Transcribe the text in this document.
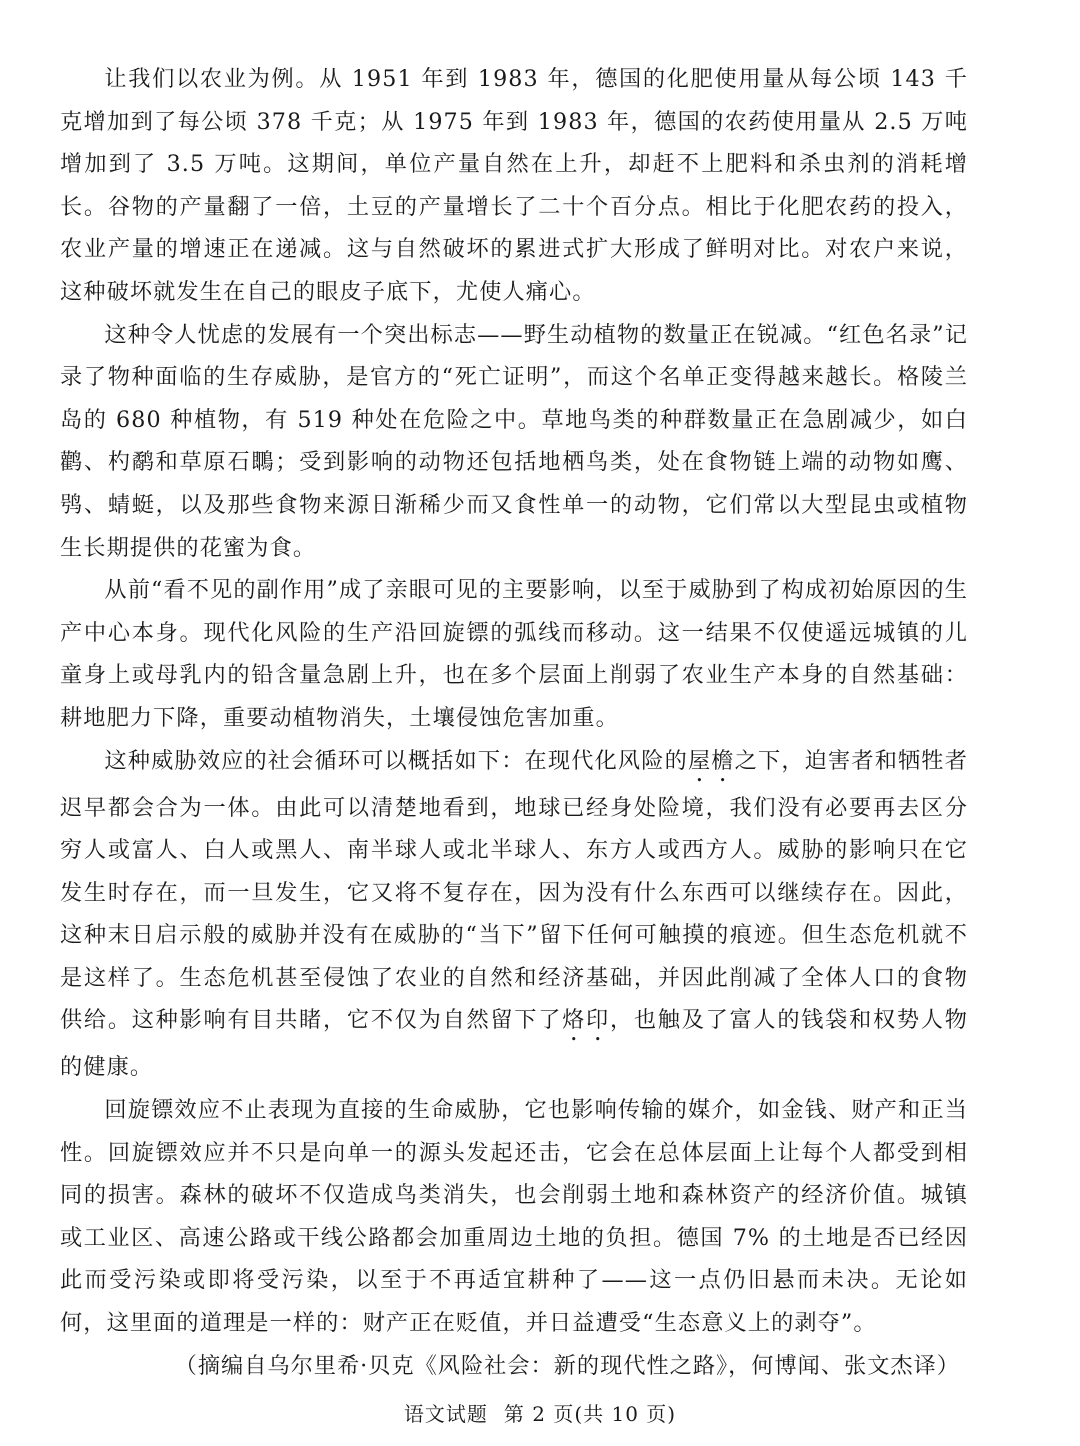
让我们以农业为例。从 1951 年到 1983 年，德国的化肥使用量从每公顷 143 千克增加到了每公顷 378 千克；从 1975 年到 1983 年，德国的农药使用量从 2.5 万吨增加到了 3.5 万吨。这期间，单位产量自然在上升，却赶不上肥料和杀虫剂的消耗增长。谷物的产量翻了一倍，土豆的产量增长了二十个百分点。相比于化肥农药的投入，农业产量的增速正在递减。这与自然破坏的累进式扩大形成了鲜明对比。对农户来说，这种破坏就发生在自己的眼皮子底下，尤使人痛心。

这种令人忧虑的发展有一个突出标志——野生动植物的数量正在锐减。“红色名录”记录了物种面临的生存威胁，是官方的“死亡证明”，而这个名单正变得越来越长。格陵兰岛的 680 种植物，有 519 种处在危险之中。草地鸟类的种群数量正在急剧减少，如白鹳、杓鹬和草原石䳭；受到影响的动物还包括地栖鸟类，处在食物链上端的动物如鹰、鸮、蜻蜓，以及那些食物来源日渐稀少而又食性单一的动物，它们常以大型昆虫或植物生长期提供的花蜜为食。

从前“看不见的副作用”成了亲眼可见的主要影响，以至于威胁到了构成初始原因的生产中心本身。现代化风险的生产沿回旋镖的弧线而移动。这一结果不仅使遥远城镇的儿童身上或母乳内的铅含量急剧上升，也在多个层面上削弱了农业生产本身的自然基础：耕地肥力下降，重要动植物消失，土壤侵蚀危害加重。

这种威胁效应的社会循环可以概括如下：在现代化风险的屋檐之下，迫害者和牺牲者迟早都会合为一体。由此可以清楚地看到，地球已经身处险境，我们没有必要再去区分穷人或富人、白人或黑人、南半球人或北半球人、东方人或西方人。威胁的影响只在它发生时存在，而一旦发生，它又将不复存在，因为没有什么东西可以继续存在。因此，这种末日启示般的威胁并没有在威胁的“当下”留下任何可触摸的痕迹。但生态危机就不是这样了。生态危机甚至侵蚀了农业的自然和经济基础，并因此削减了全体人口的食物供给。这种影响有目共睹，它不仅为自然留下了烙印，也触及了富人的钱袋和权势人物的健康。

回旋镖效应不止表现为直接的生命威胁，它也影响传输的媒介，如金钱、财产和正当性。回旋镖效应并不只是向单一的源头发起还击，它会在总体层面上让每个人都受到相同的损害。森林的破坏不仅造成鸟类消失，也会削弱土地和森林资产的经济价值。城镇或工业区、高速公路或干线公路都会加重周边土地的负担。德国 7% 的土地是否已经因此而受污染或即将受污染，以至于不再适宜耕种了——这一点仍旧悬而未决。无论如何，这里面的道理是一样的：财产正在贬值，并日益遭受“生态意义上的剥夺”。

（摘编自乌尔里希·贝克《风险社会：新的现代性之路》，何博闻、张文杰译）

语文试题 第 2 页(共 10 页)
